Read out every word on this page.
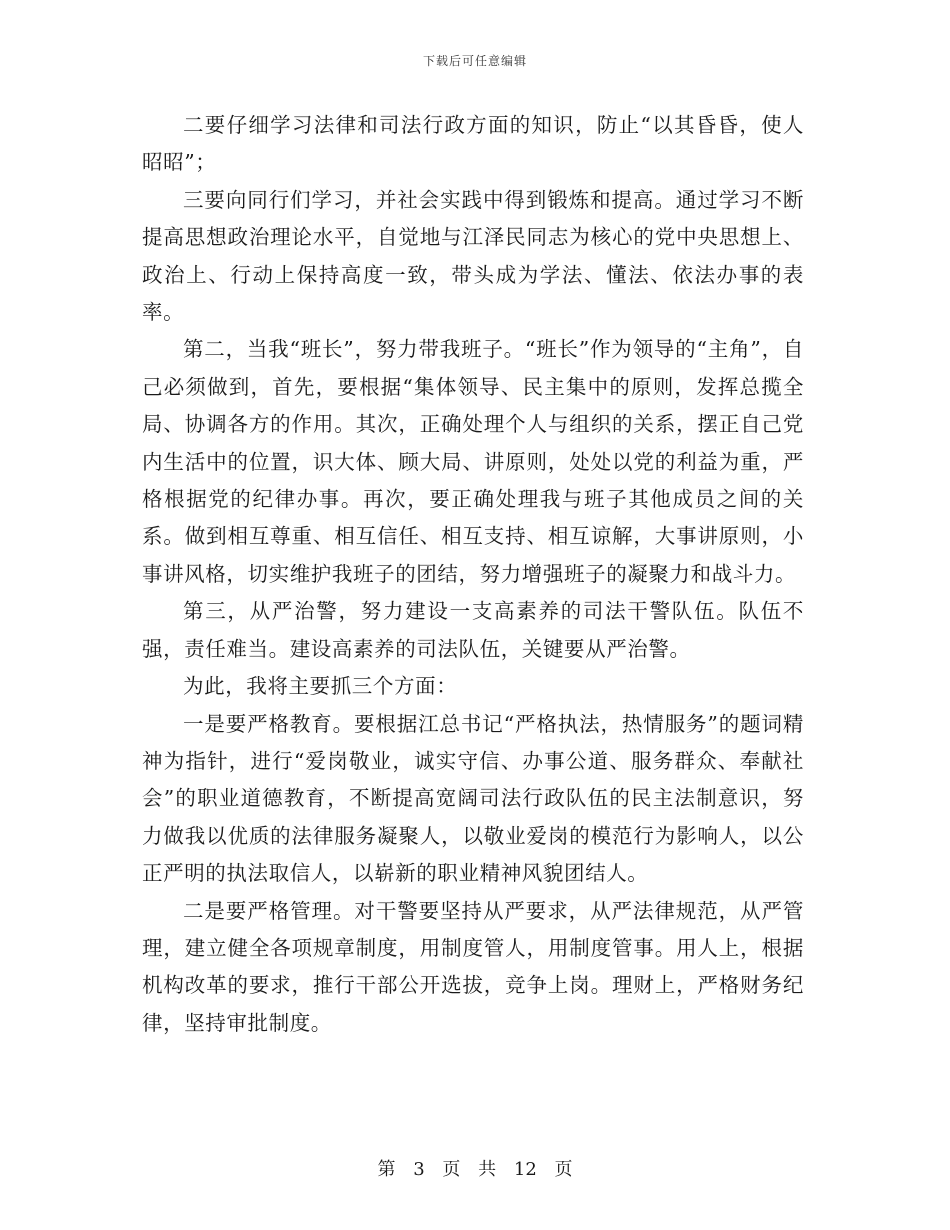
下载后可任意编辑

二要仔细学习法律和司法行政方面的知识，防止“以其昏昏，使人昭昭”；

三要向同行们学习，并社会实践中得到锻炼和提高。通过学习不断提高思想政治理论水平，自觉地与江泽民同志为核心的党中央思想上、政治上、行动上保持高度一致，带头成为学法、懂法、依法办事的表率。

第二，当我“班长”，努力带我班子。“班长”作为领导的“主角”，自己必须做到，首先，要根据“集体领导、民主集中的原则，发挥总揽全局、协调各方的作用。其次，正确处理个人与组织的关系，摆正自己党内生活中的位置，识大体、顾大局、讲原则，处处以党的利益为重，严格根据党的纪律办事。再次，要正确处理我与班子其他成员之间的关系。做到相互尊重、相互信任、相互支持、相互谅解，大事讲原则，小事讲风格，切实维护我班子的团结，努力增强班子的凝聚力和战斗力。

第三，从严治警，努力建设一支高素养的司法干警队伍。队伍不强，责任难当。建设高素养的司法队伍，关键要从严治警。

为此，我将主要抓三个方面：

一是要严格教育。要根据江总书记“严格执法，热情服务”的题词精神为指针，进行“爱岗敬业，诚实守信、办事公道、服务群众、奉献社会”的职业道德教育，不断提高宽阔司法行政队伍的民主法制意识，努力做我以优质的法律服务凝聚人，以敬业爱岗的模范行为影响人，以公正严明的执法取信人，以崭新的职业精神风貌团结人。

二是要严格管理。对干警要坚持从严要求，从严法律规范，从严管理，建立健全各项规章制度，用制度管人，用制度管事。用人上，根据机构改革的要求，推行干部公开选拔，竞争上岗。理财上，严格财务纪律，坚持审批制度。

第 3 页 共 12 页
